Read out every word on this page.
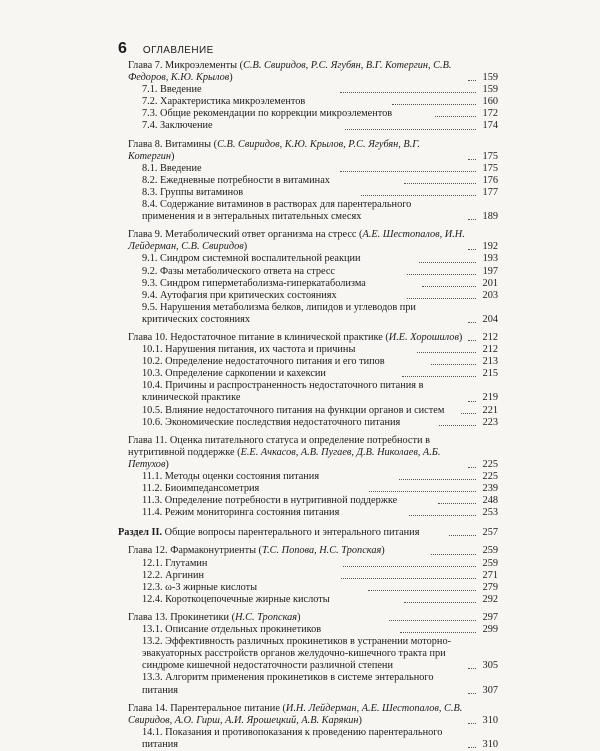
6 ОГЛАВЛЕНИЕ
Глава 7. Микроэлементы (С.В. Свиридов, Р.С. Ягубян, В.Г. Котергин, С.В. Федоров, К.Ю. Крылов)	159
7.1. Введение	159
7.2. Характеристика микроэлементов	160
7.3. Общие рекомендации по коррекции микроэлементов	172
7.4. Заключение	174
Глава 8. Витамины (С.В. Свиридов, К.Ю. Крылов, Р.С. Ягубян, В.Г. Котергин)	175
8.1. Введение	175
8.2. Ежедневные потребности в витаминах	176
8.3. Группы витаминов	177
8.4. Содержание витаминов в растворах для парентерального применения и в энтеральных питательных смесях	189
Глава 9. Метаболический ответ организма на стресс (А.Е. Шестопалов, И.Н. Лейдерман, С.В. Свиридов)	192
9.1. Синдром системной воспалительной реакции	193
9.2. Фазы метаболического ответа на стресс	197
9.3. Синдром гиперметаболизма-гиперкатаболизма	201
9.4. Аутофагия при критических состояниях	203
9.5. Нарушения метаболизма белков, липидов и углеводов при критических состояниях	204
Глава 10. Недостаточное питание в клинической практике (И.Е. Хорошилов)	212
10.1. Нарушения питания, их частота и причины	212
10.2. Определение недостаточного питания и его типов	213
10.3. Определение саркопении и кахексии	215
10.4. Причины и распространенность недостаточного питания в клинической практике	219
10.5. Влияние недостаточного питания на функции органов и систем	221
10.6. Экономические последствия недостаточного питания	223
Глава 11. Оценка питательного статуса и определение потребности в нутритивной поддержке (Е.Е. Ачкасов, А.В. Пугаев, Д.В. Николаев, А.Б. Петухов)	225
11.1. Методы оценки состояния питания	225
11.2. Биоимпедансометрия	239
11.3. Определение потребности в нутритивной поддержке	248
11.4. Режим мониторинга состояния питания	253
Раздел II. Общие вопросы парентерального и энтерального питания	257
Глава 12. Фармаконутриенты (Т.С. Попова, Н.С. Тропская)	259
12.1. Глутамин	259
12.2. Аргинин	271
12.3. ω-3 жирные кислоты	279
12.4. Короткоцепочечные жирные кислоты	292
Глава 13. Прокинетики (Н.С. Тропская)	297
13.1. Описание отдельных прокинетиков	299
13.2. Эффективность различных прокинетиков в устранении моторно-эвакуаторных расстройств органов желудочно-кишечного тракта при синдроме кишечной недостаточности различной степени	305
13.3. Алгоритм применения прокинетиков в системе энтерального питания	307
Глава 14. Парентеральное питание (И.Н. Лейдерман, А.Е. Шестопалов, С.В. Свиридов, А.О. Гирш, А.И. Ярошецкий, А.В. Карякин)	310
14.1. Показания и противопоказания к проведению парентерального питания	310
